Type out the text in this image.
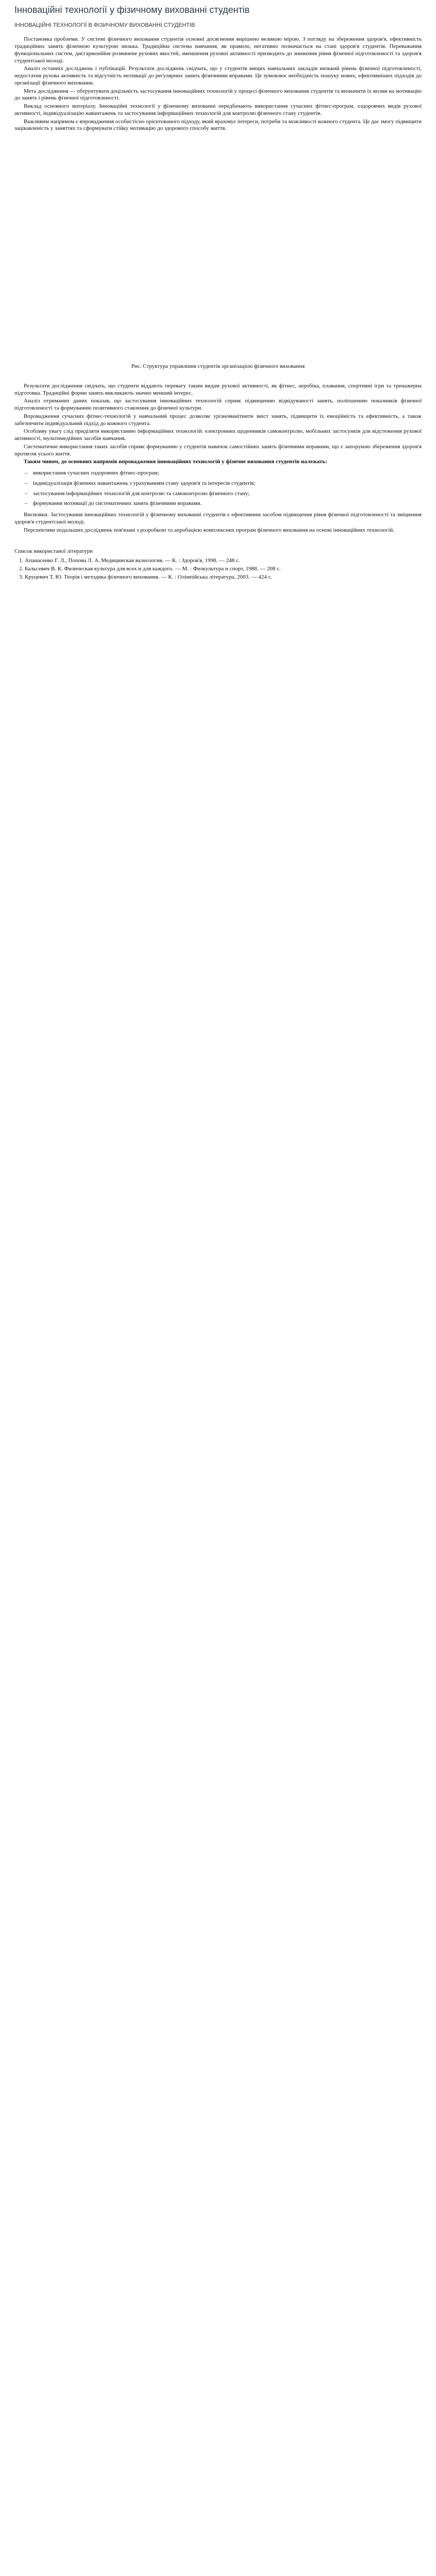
Інноваційні технології у фізичному вихованні студентів
ІННОВАЦІЙНІ ТЕХНОЛОГІЇ В ФІЗИЧНОМУ ВИХОВАННІ СТУДЕНТІВ

Постановка проблеми. У системі фізичного виховання студентів основні досягнення вирішено великою мірою. З погляду на збереження здоров'я, ефективність традиційних занять фізичною культурою низька. Традиційна система навчання, як правило, негативно позначається на стані здоров'я студентів. Переважання функціональних систем, дисгармонійне розвинене рухових якостей, зменшення рухової активності призводить до зниження рівня фізичної підготовленості та здоров'я студентської молоді.

Аналіз останніх досліджень і публікацій. Результати досліджень свідчать, що у студентів вищих навчальних закладів низький рівень фізичної підготовленості, недостатня рухова активність та відсутність мотивації до регулярних занять фізичними вправами. Це зумовлює необхідність пошуку нових, ефективніших підходів до організації фізичного виховання.

Мета дослідження — обґрунтувати доцільність застосування інноваційних технологій у процесі фізичного виховання студентів та визначити їх вплив на мотивацію до занять і рівень фізичної підготовленості.

Виклад основного матеріалу. Інноваційні технології у фізичному вихованні передбачають використання сучасних фітнес-програм, оздоровчих видів рухової активності, індивідуалізацію навантажень та застосування інформаційних технологій для контролю фізичного стану студентів.

Важливим напрямом є впровадження особистісно орієнтованого підходу, який враховує інтереси, потреби та можливості кожного студента. Це дає змогу підвищити зацікавленість у заняттях та сформувати стійку мотивацію до здорового способу життя.

Рис. Структура управління студентів організацією фізичного виховання

Результати дослідження свідчать, що студенти віддають перевагу таким видам рухової активності, як фітнес, аеробіка, плавання, спортивні ігри та тренажерна підготовка. Традиційні форми занять викликають значно менший інтерес.

Аналіз отриманих даних показав, що застосування інноваційних технологій сприяє підвищенню відвідуваності занять, поліпшенню показників фізичної підготовленості та формуванню позитивного ставлення до фізичної культури.

Впровадження сучасних фітнес-технологій у навчальний процес дозволяє урізноманітнити зміст занять, підвищити їх емоційність та ефективність, а також забезпечити індивідуальний підхід до кожного студента.

Особливу увагу слід приділяти використанню інформаційних технологій: електронних щоденників самоконтролю, мобільних застосунків для відстеження рухової активності, мультимедійних засобів навчання.

Систематичне використання таких засобів сприяє формуванню у студентів навичок самостійних занять фізичними вправами, що є запорукою збереження здоров'я протягом усього життя.

Таким чином, до основних напрямів впровадження інноваційних технологій у фізичне виховання студентів належать:

– використання сучасних оздоровчих фітнес-програм;
– індивідуалізація фізичних навантажень з урахуванням стану здоров'я та інтересів студентів;
– застосування інформаційних технологій для контролю та самоконтролю фізичного стану;
– формування мотивації до систематичних занять фізичними вправами.

Висновки. Застосування інноваційних технологій у фізичному вихованні студентів є ефективним засобом підвищення рівня фізичної підготовленості та зміцнення здоров'я студентської молоді.

Перспективи подальших досліджень пов'язані з розробкою та апробацією комплексних програм фізичного виховання на основі інноваційних технологій.

Список використаної літератури
1. Апанасенко Г. Л., Попова Л. А. Медицинская валеология. — К. : Здоров'я, 1998. — 248 с.
2. Бальсевич В. К. Физическая культура для всех и для каждого. — М. : Физкультура и спорт, 1988. — 208 с.
3. Круцевич Т. Ю. Теорія і методика фізичного виховання. — К. : Олімпійська література, 2003. — 424 с.
